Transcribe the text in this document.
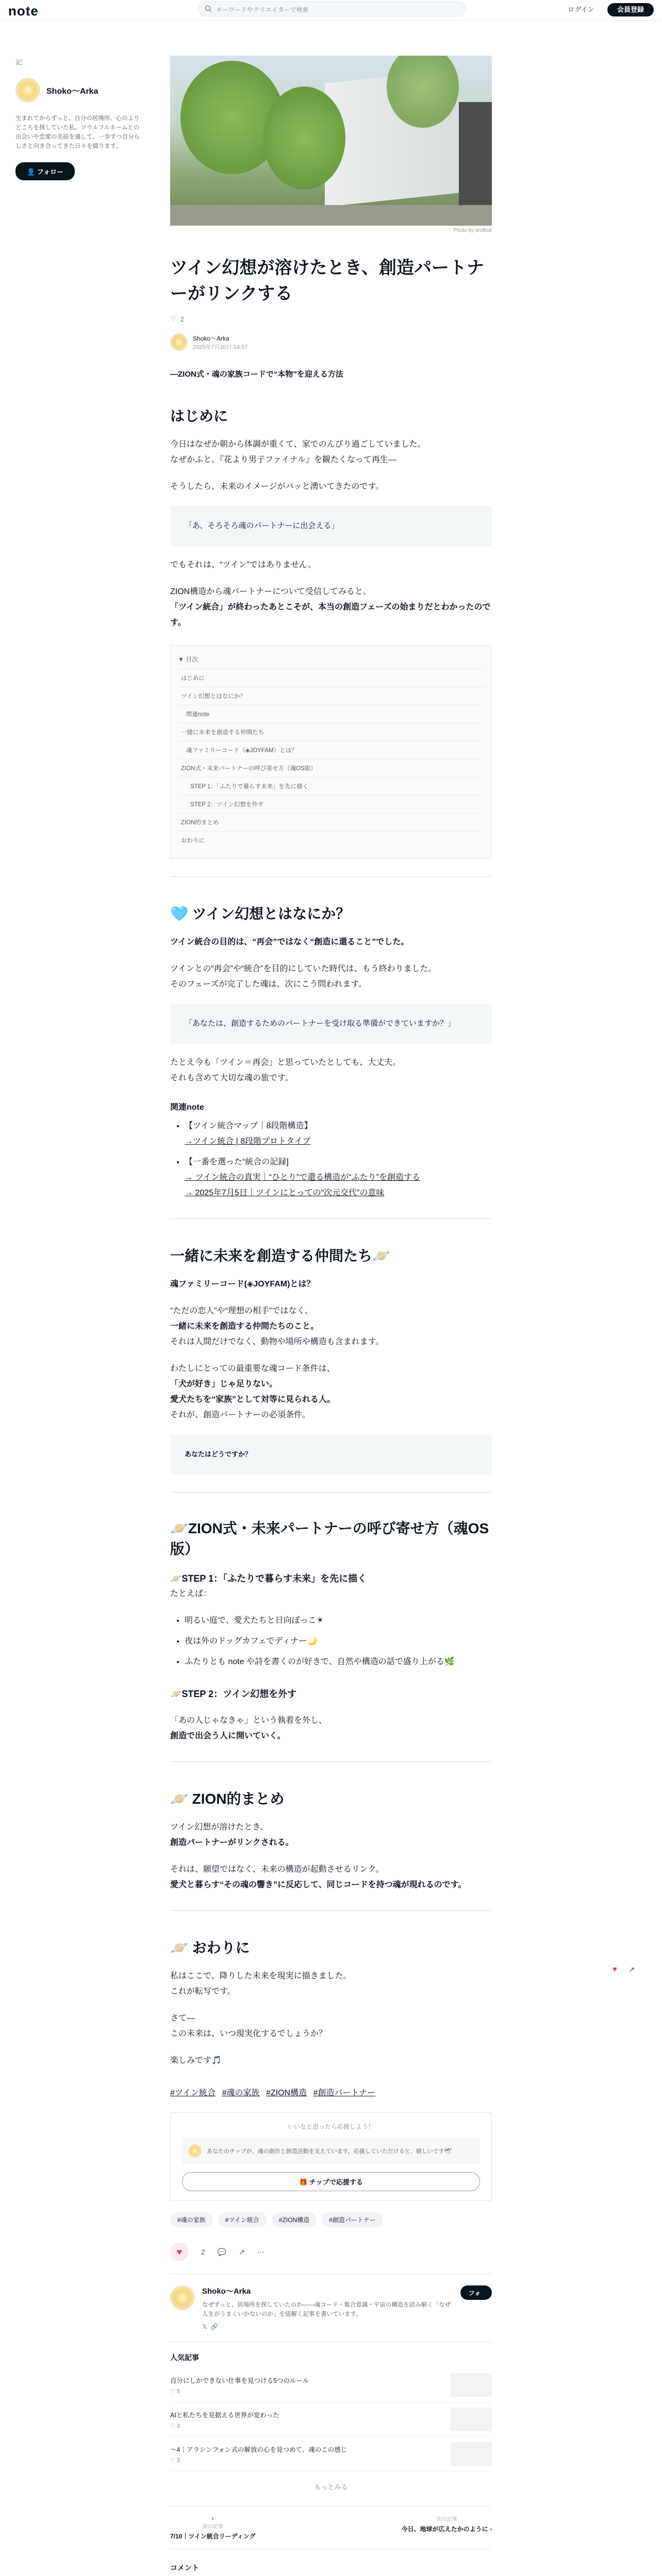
note	キーワードやクリエイターで検索	ログイン	会員登録
記
Shoko〜Arka
生まれてからずっと、自分の居場所、心のよりどころを探していた私。ソウルフルネームとの出会いや恋愛の名前を通して、一歩ずつ自分らしさと向き合ってきた日々を綴ります。
👤 フォロー
Photo by andbull
ツイン幻想が溶けたとき、創造パートナーがリンクする
♡ 2
Shoko〜Arka
2025年7月20日 14:57
―ZION式・魂の家族コードで“本物”を迎える方法
はじめに

今日はなぜか朝から体調が重くて、家でのんびり過ごしていました。

なぜかふと、『花より男子ファイナル』を観たくなって再生—

そうしたら、未来のイメージがパッと湧いてきたのです。

「あ、そろそろ魂のパートナーに出会える」

でもそれは、“ツイン”ではありません。

ZION構造から魂パートナーについて受信してみると、

「ツイン統合」が終わったあとこそが、本当の創造フェーズの始まりだとわかったのです。

▼ 目次
はじめに
ツイン幻想とはなにか？
関連note
一緒に未来を創造する仲間たち
魂ファミリーコード（◈JOYFAM）とは？
ZION式・未来パートナーの呼び寄せ方（魂OS版）
STEP 1：「ふたりで暮らす未来」を先に描く
STEP 2：ツイン幻想を外す
ZION的まとめ
おわりに
🩵 ツイン幻想とはなにか？

ツイン統合の目的は、“再会”ではなく“創造に還ること”でした。

ツインとの“再会”や“統合”を目的にしていた時代は、もう終わりました。

そのフェーズが完了した魂は、次にこう問われます。

「あなたは、創造するためのパートナーを受け取る準備ができていますか？」

たとえ今も「ツイン＝再会」と思っていたとしても、大丈夫。

それも含めて大切な魂の旅です。

関連note
• 【ツイン統合マップ｜8段階構造】
→ツイン統合 | 8段階プロトタイプ
• 【一番を選った“統合の記録]
→ ツイン統合の真実｜“ひとり”で還る構造が“ふたり”を創造する
→ 2025年7月5日｜ツインにとっての“次元交代”の意味
一緒に未来を創造する仲間たち🪐

魂ファミリーコード(◈JOYFAM)とは？

“ただの恋人”や“理想の相手”ではなく、

一緒に未来を創造する仲間たちのこと。

それは人間だけでなく、動物や場所や構造も含まれます。

わたしにとっての最重要な魂コード条件は、

「犬が好き」じゃ足りない。

愛犬たちを“家族”として対等に見られる人。

それが、創造パートナーの必須条件。

あなたはどうですか？
🪐ZION式・未来パートナーの呼び寄せ方（魂OS版）

🪐STEP 1：「ふたりで暮らす未来」を先に描く

たとえば：

• 明るい庭で、愛犬たちと日向ぼっこ☀
• 夜は外のドッグカフェでディナー🌙
• ふたりとも note や詩を書くのが好きで、自然や構造の話で盛り上がる🌿

🪐STEP 2：ツイン幻想を外す

「あの人じゃなきゃ」という執着を外し、

創造で出会う人に開いていく。

🪐 ZION的まとめ

ツイン幻想が溶けたとき、

創造パートナーがリンクされる。

それは、願望ではなく、未来の構造が起動させるリンク。

愛犬と暮らす“その魂の響き”に反応して、同じコードを持つ魂が現れるのです。

🪐 おわりに

私はここで、降りした未来を現実に描きました。

これが転写です。

さて—

この未来は、いつ現実化するでしょうか？

楽しみです🎵

#ツイン統合 #魂の家族 #ZION構造 #創造パートナー
いいなと思ったら応援しよう！
あなたのチップが、魂の創作と創造活動を支えています。応援していただけると、嬉しいです🕊
🎁 チップで応援する
#魂の家族	#ツイン統合	#ZION構造	#創造パートナー
♥	2 💬 ↗ ⋯
Shoko〜Arka
なぜずっと、居場所を探していたのか——魂コード・集合意識・宇宙の構造を読み解く「なぜ人生がうまくいかないのか」を紐解く記事を書いています。
𝕏 🔗
フォロー
人気記事
自分にしかできない仕事を見つける5つのルール
♡ 5
AIと私たちを見据える世界が変わった
♡ 3
〜4｜アラシンフォン式の解放の心を見つめて、魂のこの感じ
♡ 3
もっとみる
‹
前の記事
7/10｜ツイン統合リーディング
次の記事
今日、地球が広えたかのように ›
コメント
♥ ↗
